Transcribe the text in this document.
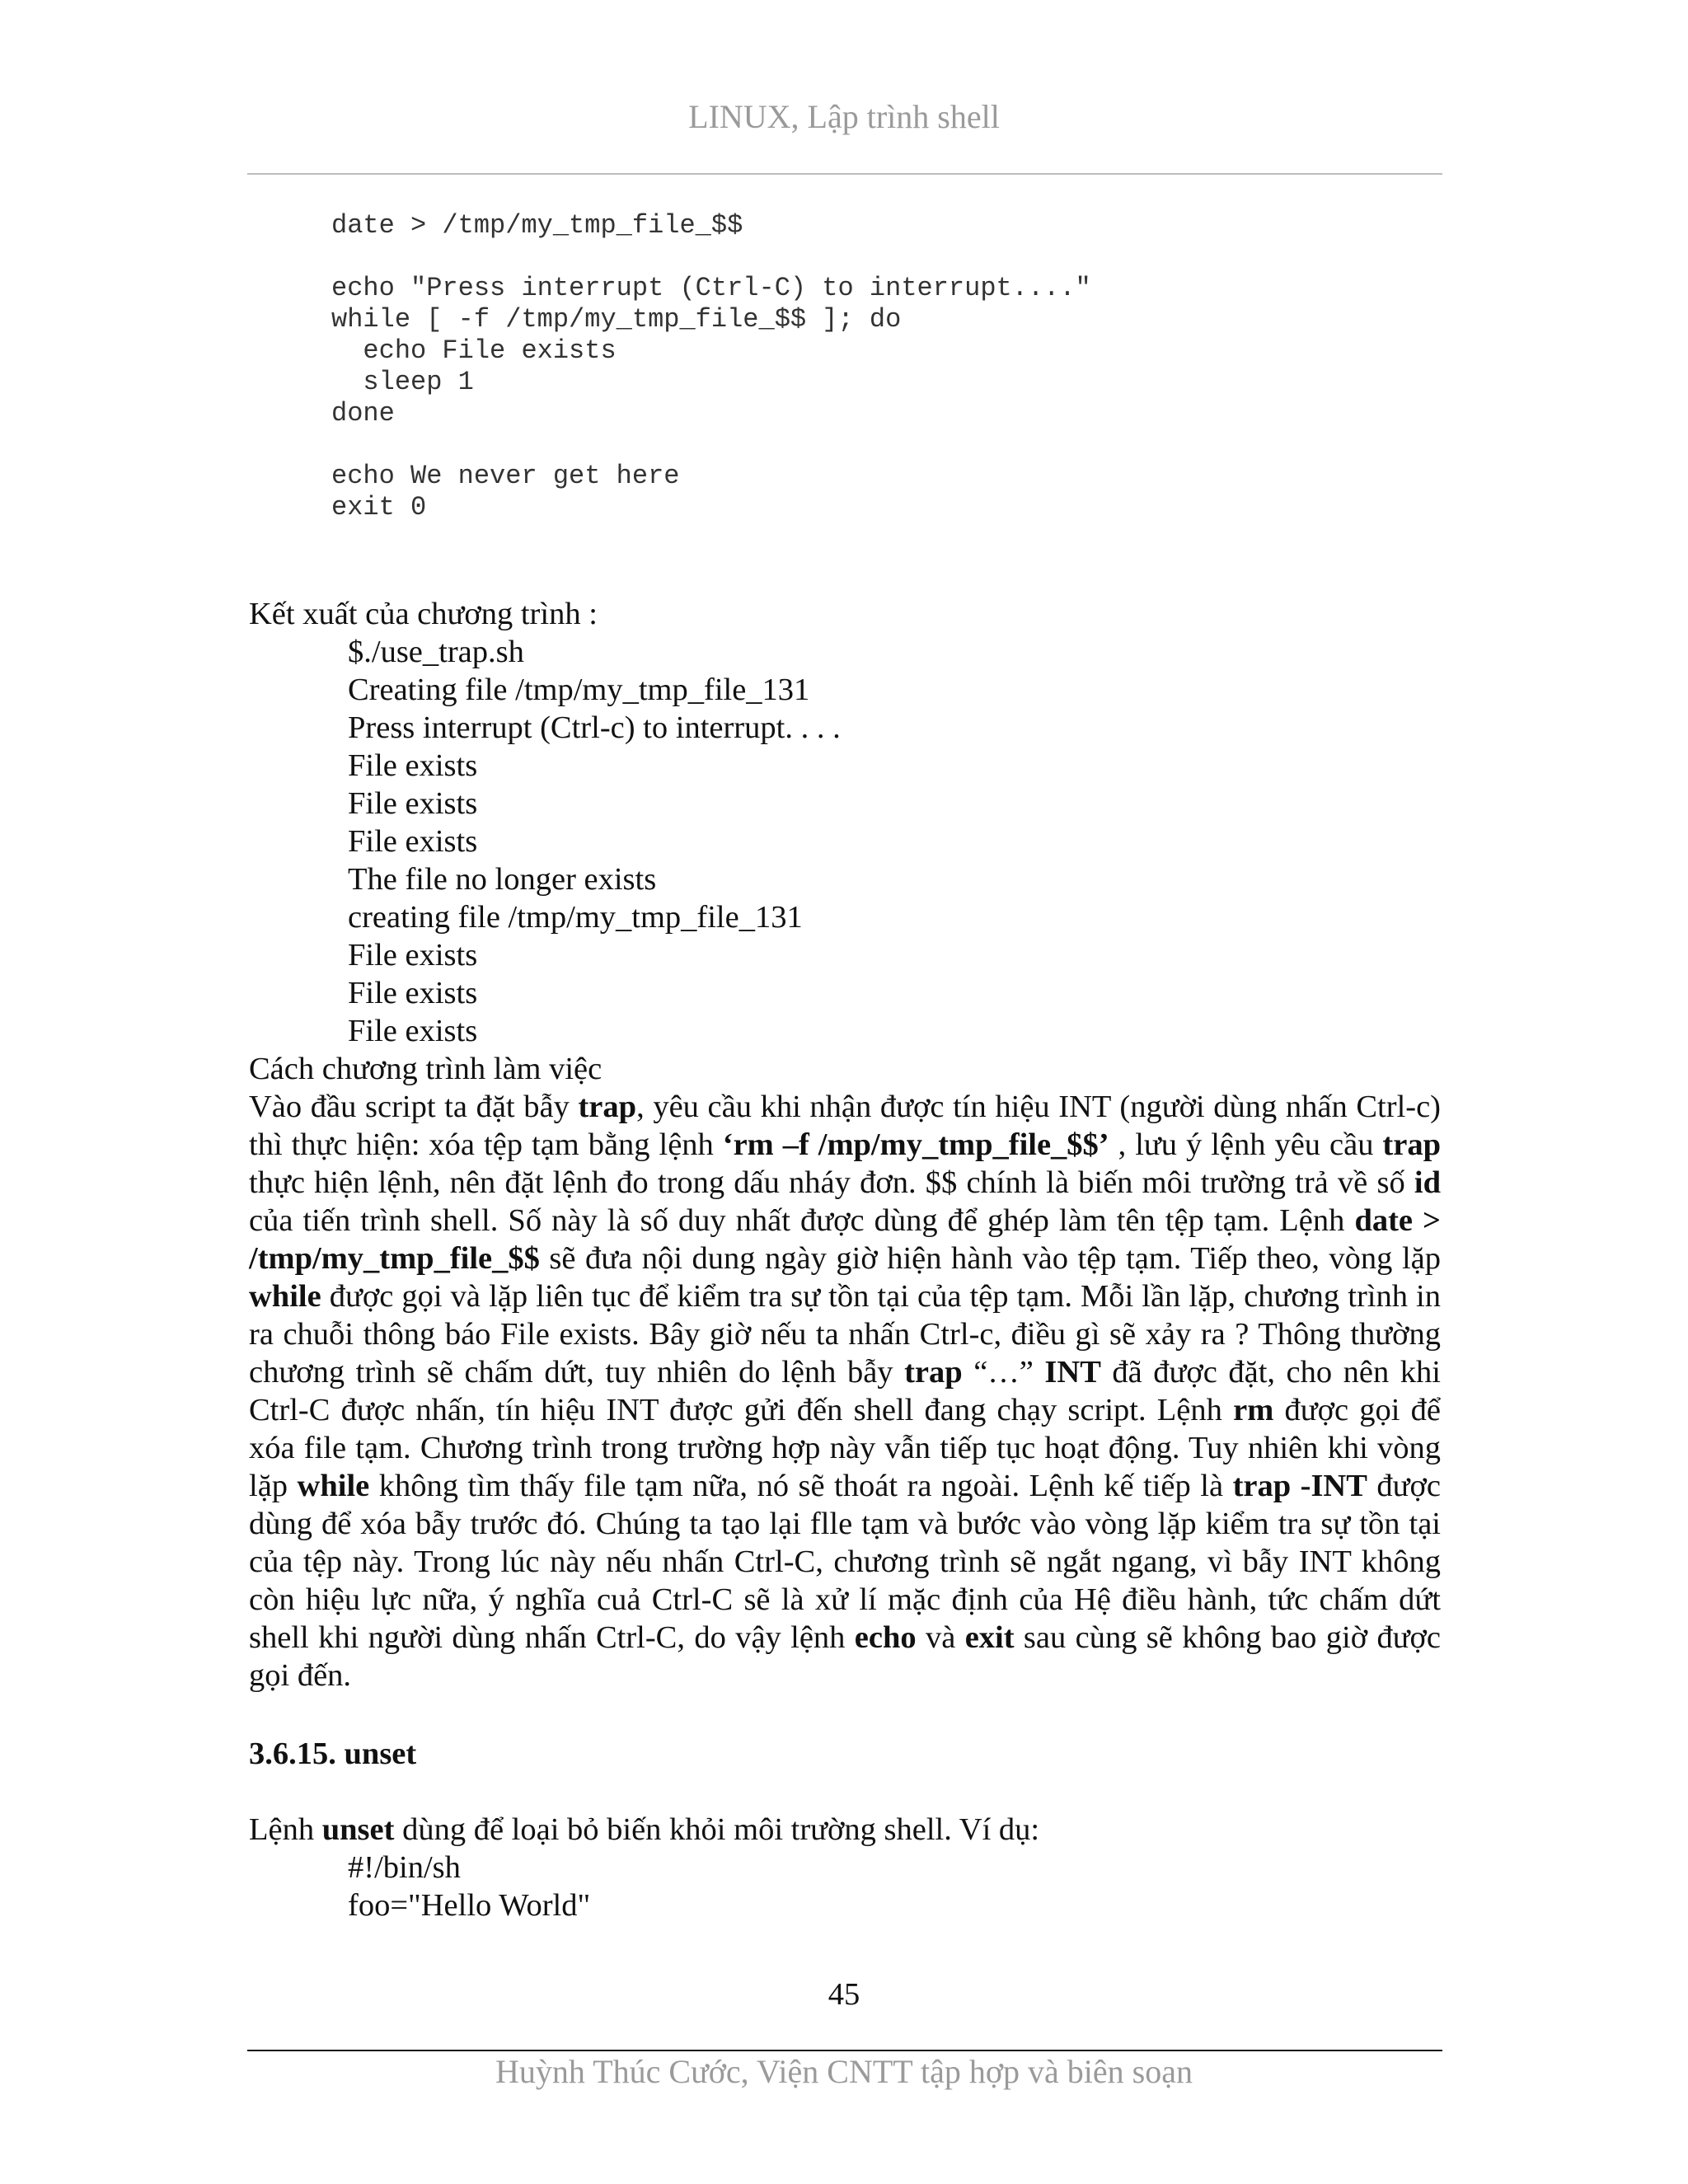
LINUX, Lập trình shell
date > /tmp/my_tmp_file_$$

echo "Press interrupt (Ctrl-C) to interrupt...."
while [ -f /tmp/my_tmp_file_$$ ]; do
echo File exists
sleep 1
done

echo We never get here
exit 0

Kết xuất của chương trình :

$./use_trap.sh

Creating file /tmp/my_tmp_file_131

Press interrupt (Ctrl-c) to interrupt. . . .

File exists

File exists

File exists

The file no longer exists

creating file /tmp/my_tmp_file_131

File exists

File exists

File exists

Cách chương trình làm việc

Vào đầu script ta đặt bẫy trap, yêu cầu khi nhận được tín hiệu INT (người dùng nhấn Ctrl-c) thì thực hiện: xóa tệp tạm bằng lệnh ‘rm –f /mp/my_tmp_file_$$’ , lưu ý lệnh yêu cầu trap thực hiện lệnh, nên đặt lệnh đo trong dấu nháy đơn. $$ chính là biến môi trường trả về số id của tiến trình shell. Số này là số duy nhất được dùng để ghép làm tên tệp tạm. Lệnh date > /tmp/my_tmp_file_$$ sẽ đưa nội dung ngày giờ hiện hành vào tệp tạm. Tiếp theo, vòng lặp while được gọi và lặp liên tục để kiểm tra sự tồn tại của tệp tạm. Mỗi lần lặp, chương trình in ra chuỗi thông báo File exists. Bây giờ nếu ta nhấn Ctrl-c, điều gì sẽ xảy ra ? Thông thường chương trình sẽ chấm dứt, tuy nhiên do lệnh bẫy trap “…” INT đã được đặt, cho nên khi Ctrl-C được nhấn, tín hiệu INT được gửi đến shell đang chạy script. Lệnh rm được gọi để xóa file tạm. Chương trình trong trường hợp này vẫn tiếp tục hoạt động. Tuy nhiên khi vòng lặp while không tìm thấy file tạm nữa, nó sẽ thoát ra ngoài. Lệnh kế tiếp là trap -INT được dùng để xóa bẫy trước đó. Chúng ta tạo lại flle tạm và bước vào vòng lặp kiểm tra sự tồn tại của tệp này. Trong lúc này nếu nhấn Ctrl-C, chương trình sẽ ngắt ngang, vì bẫy INT không còn hiệu lực nữa, ý nghĩa cuả Ctrl-C sẽ là xử lí mặc định của Hệ điều hành, tức chấm dứt shell khi người dùng nhấn Ctrl-C, do vậy lệnh echo và exit sau cùng sẽ không bao giờ được gọi đến.

3.6.15. unset

Lệnh unset dùng để loại bỏ biến khỏi môi trường shell. Ví dụ:

#!/bin/sh

foo="Hello World"

45
Huỳnh Thúc Cước, Viện CNTT tập hợp và biên soạn
